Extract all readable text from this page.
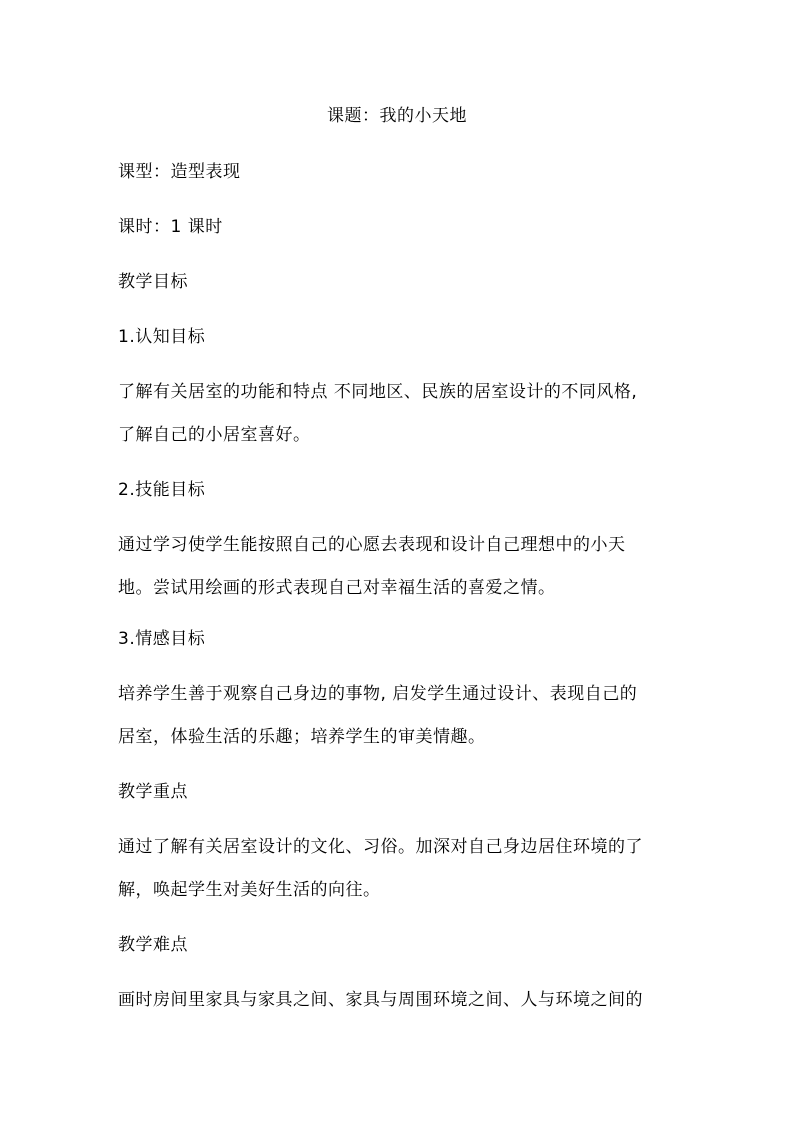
课题：我的小天地
课型：造型表现
课时：1 课时
教学目标
1.认知目标
了解有关居室的功能和特点 不同地区、民族的居室设计的不同风格,
了解自己的小居室喜好。
2.技能目标
通过学习使学生能按照自己的心愿去表现和设计自己理想中的小天
地。尝试用绘画的形式表现自己对幸福生活的喜爱之情。
3.情感目标
培养学生善于观察自己身边的事物, 启发学生通过设计、表现自己的
居室，体验生活的乐趣；培养学生的审美情趣。
教学重点
通过了解有关居室设计的文化、习俗。加深对自己身边居住环境的了
解，唤起学生对美好生活的向往。
教学难点
画时房间里家具与家具之间、家具与周围环境之间、人与环境之间的
